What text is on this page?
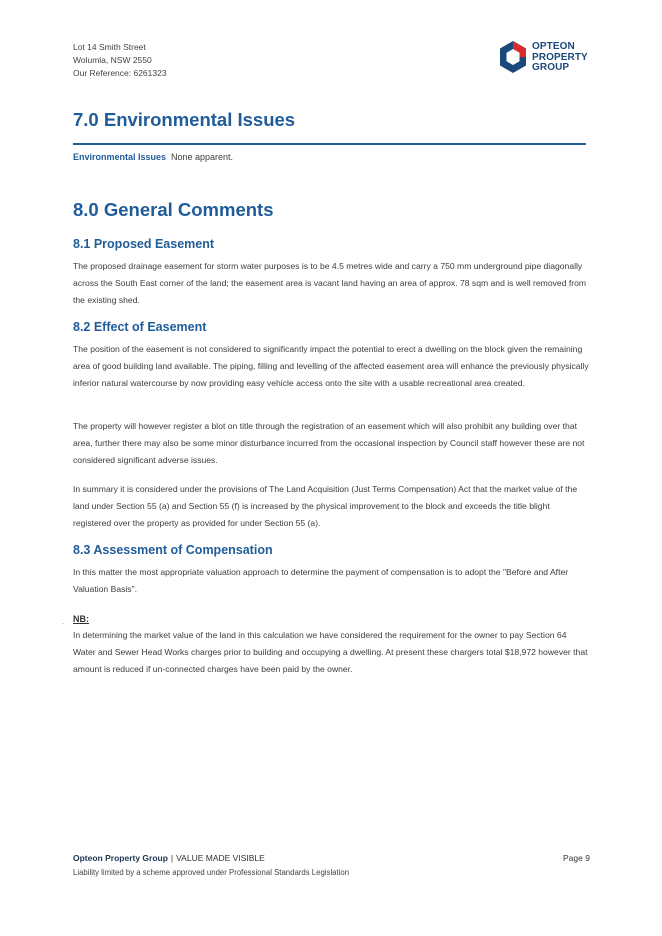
Lot 14 Smith Street
Wolumla, NSW 2550
Our Reference: 6261323
OPTEON
PROPERTY
GROUP
7.0 Environmental Issues
Environmental Issues None apparent.
8.0 General Comments
8.1 Proposed Easement
The proposed drainage easement for storm water purposes is to be 4.5 metres wide and carry a 750 mm underground pipe diagonally across the South East corner of the land; the easement area is vacant land having an area of approx. 78 sqm and is well removed from the existing shed.
8.2 Effect of Easement
The position of the easement is not considered to significantly impact the potential to erect a dwelling on the block given the remaining area of good building land available. The piping, filling and levelling of the affected easement area will enhance the previously physically inferior natural watercourse by now providing easy vehicle access onto the site with a usable recreational area created.
The property will however register a blot on title through the registration of an easement which will also prohibit any building over that area, further there may also be some minor disturbance incurred from the occasional inspection by Council staff however these are not considered significant adverse issues.
In summary it is considered under the provisions of The Land Acquisition (Just Terms Compensation) Act that the market value of the land under Section 55 (a) and Section 55 (f) is increased by the physical improvement to the block and exceeds the title blight registered over the property as provided for under Section 55 (a).
8.3 Assessment of Compensation
In this matter the most appropriate valuation approach to determine the payment of compensation is to adopt the "Before and After Valuation Basis".
. NB:
In determining the market value of the land in this calculation we have considered the requirement for the owner to pay Section 64 Water and Sewer Head Works charges prior to building and occupying a dwelling. At present these chargers total $18,972 however that amount is reduced if un-connected charges have been paid by the owner.
Opteon Property Group | VALUE MADE VISIBLE
Liability limited by a scheme approved under Professional Standards Legislation
Page 9
